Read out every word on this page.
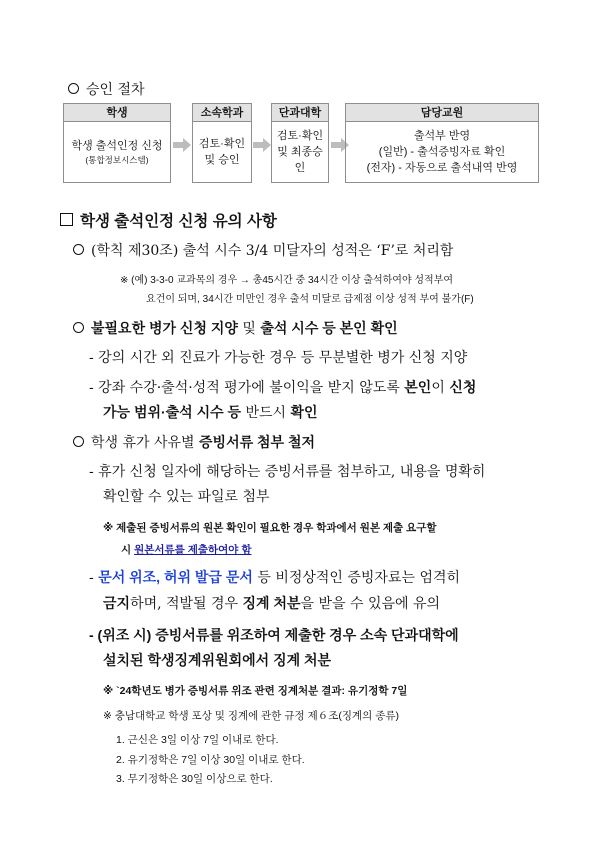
승인 절차
학생
학생 출석인정 신청
(통합정보시스템)
소속학과
검토·확인
및 승인
단과대학
검토·확인
및 최종승인
담당교원
출석부 반영
(일반) - 출석증빙자료 확인
(전자) - 자동으로 출석내역 반영
학생 출석인정 신청 유의 사항
(학칙 제30조) 출석 시수 3/4 미달자의 성적은 ‘F’로 처리함
※ (예) 3-3-0 교과목의 경우 → 총45시간 중 34시간 이상 출석하여야 성적부여
요건이 되며, 34시간 미만인 경우 출석 미달로 급제점 이상 성적 부여 불가(F)
불필요한 병가 신청 지양 및 출석 시수 등 본인 확인
- 강의 시간 외 진료가 가능한 경우 등 무분별한 병가 신청 지양
- 강좌 수강·출석·성적 평가에 불이익을 받지 않도록 본인이 신청
가능 범위·출석 시수 등 반드시 확인
학생 휴가 사유별 증빙서류 첨부 철저
- 휴가 신청 일자에 해당하는 증빙서류를 첨부하고, 내용을 명확히
확인할 수 있는 파일로 첨부
※ 제출된 증빙서류의 원본 확인이 필요한 경우 학과에서 원본 제출 요구할
시 원본서류를 제출하여야 함
- 문서 위조, 허위 발급 문서 등 비정상적인 증빙자료는 엄격히
금지하며, 적발될 경우 징계 처분을 받을 수 있음에 유의
- (위조 시) 증빙서류를 위조하여 제출한 경우 소속 단과대학에
설치된 학생징계위원회에서 징계 처분
※ `24학년도 병가 증빙서류 위조 관련 징계처분 결과: 유기정학 7일
※ 충남대학교 학생 포상 및 징계에 관한 규정 제６조(징계의 종류)
1. 근신은 3일 이상 7일 이내로 한다.
2. 유기정학은 7일 이상 30일 이내로 한다.
3. 무기정학은 30일 이상으로 한다.
